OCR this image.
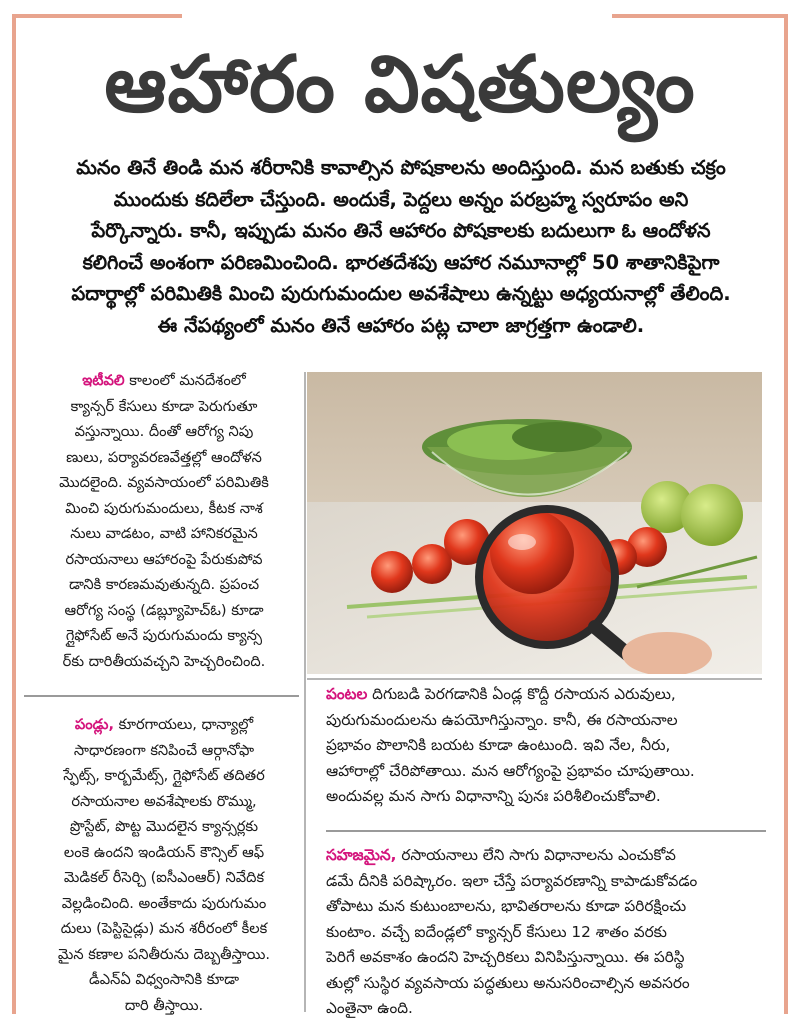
ఆహారం విషతుల్యం

మనం తినే తిండి మన శరీరానికి కావాల్సిన పోషకాలను అందిస్తుంది. మన బతుకు చక్రం

ముందుకు కదిలేలా చేస్తుంది. అందుకే, పెద్దలు అన్నం పరబ్రహ్మ స్వరూపం అని

పేర్కొన్నారు. కానీ, ఇప్పుడు మనం తినే ఆహారం పోషకాలకు బదులుగా ఓ ఆందోళన

కలిగించే అంశంగా పరిణమించింది. భారతదేశపు ఆహార నమూనాల్లో 50 శాతానికిపైగా

పదార్థాల్లో పరిమితికి మించి పురుగుమందుల అవశేషాలు ఉన్నట్టు అధ్యయనాల్లో తేలింది.

ఈ నేపథ్యంలో మనం తినే ఆహారం పట్ల చాలా జాగ్రత్తగా ఉండాలి.

ఇటీవలి కాలంలో మనదేశంలో

క్యాన్సర్ కేసులు కూడా పెరుగుతూ

వస్తున్నాయి. దీంతో ఆరోగ్య నిపు

ణులు, పర్యావరణవేత్తల్లో ఆందోళన

మొదలైంది. వ్యవసాయంలో పరిమితికి

మించి పురుగుమందులు, కీటక నాశ

నులు వాడటం, వాటి హానికరమైన

రసాయనాలు ఆహారంపై పేరుకుపోవ

డానికి కారణమవుతున్నది. ప్రపంచ

ఆరోగ్య సంస్థ (డబ్ల్యూహెచ్ఓ) కూడా

గ్లైఫోసేట్ అనే పురుగుమందు క్యాన్స

ర్‌కు దారితీయవచ్చని హెచ్చరించింది.

పండ్లు, కూరగాయలు, ధాన్యాల్లో

సాధారణంగా కనిపించే ఆర్గానోఫా

స్ఫేట్స్, కార్బమేట్స్, గ్లైఫోసేట్ తదితర

రసాయనాల అవశేషాలకు రొమ్ము,

ప్రొస్టేట్, పొట్ట మొదలైన క్యాన్సర్లకు

లంకె ఉందని ఇండియన్ కౌన్సిల్ ఆఫ్

మెడికల్ రీసెర్చి (ఐసీఎంఆర్) నివేదిక

వెల్లడించింది. అంతేకాదు పురుగుమం

దులు (పెస్టిసైడ్లు) మన శరీరంలో కీలక

మైన కణాల పనితీరును దెబ్బతీస్తాయి.

డీఎన్ఏ విధ్వంసానికి కూడా

దారి తీస్తాయి.

పంటల దిగుబడి పెరగడానికి ఏండ్ల కొద్దీ రసాయన ఎరువులు,

పురుగుమందులను ఉపయోగిస్తున్నాం. కానీ, ఈ రసాయనాల

ప్రభావం పొలానికి బయట కూడా ఉంటుంది. ఇవి నేల, నీరు,

ఆహారాల్లో చేరిపోతాయి. మన ఆరోగ్యంపై ప్రభావం చూపుతాయి.

అందువల్ల మన సాగు విధానాన్ని పునః పరిశీలించుకోవాలి.

సహజమైన, రసాయనాలు లేని సాగు విధానాలను ఎంచుకోవ

డమే దీనికి పరిష్కారం. ఇలా చేస్తే పర్యావరణాన్ని కాపాడుకోవడం

తోపాటు మన కుటుంబాలను, భావితరాలను కూడా పరిరక్షించు

కుంటాం. వచ్చే ఐదేండ్లలో క్యాన్సర్ కేసులు 12 శాతం వరకు

పెరిగే అవకాశం ఉందని హెచ్చరికలు వినిపిస్తున్నాయి. ఈ పరిస్థి

తుల్లో సుస్థిర వ్యవసాయ పద్ధతులు అనుసరించాల్సిన అవసరం

ఎంతైనా ఉంది.
